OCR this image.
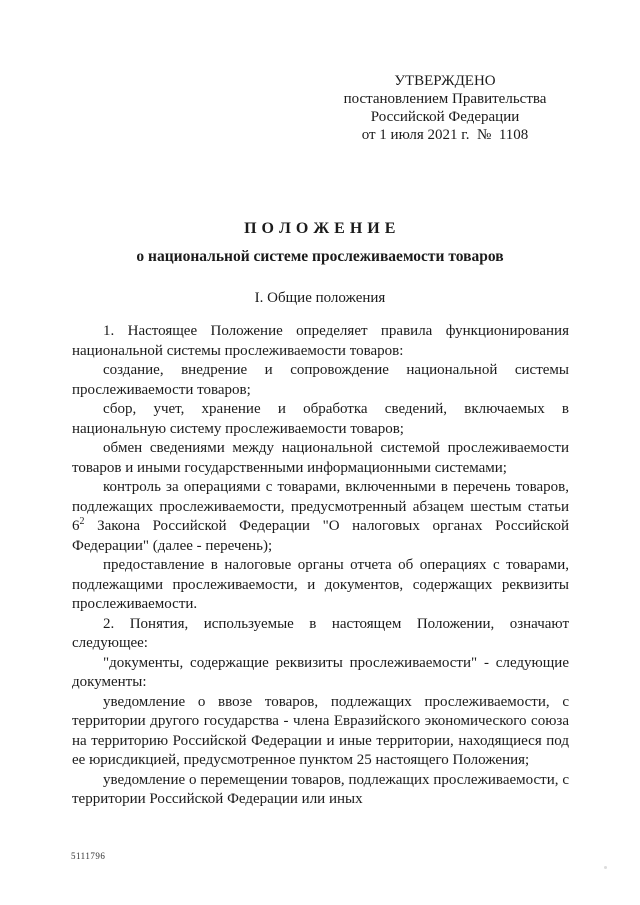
УТВЕРЖДЕНО
постановлением Правительства
Российской Федерации
от 1 июля 2021 г.  №  1108
П О Л О Ж Е Н И Е
о национальной системе прослеживаемости товаров
I. Общие положения

1. Настоящее Положение определяет правила функционирования национальной системы прослеживаемости товаров:

создание, внедрение и сопровождение национальной системы прослеживаемости товаров;

сбор, учет, хранение и обработка сведений, включаемых в национальную систему прослеживаемости товаров;

обмен сведениями между национальной системой прослеживаемости товаров и иными государственными информационными системами;

контроль за операциями с товарами, включенными в перечень товаров, подлежащих прослеживаемости, предусмотренный абзацем шестым статьи $6^2$ Закона Российской Федерации "О налоговых органах Российской Федерации" (далее - перечень);

предоставление в налоговые органы отчета об операциях с товарами, подлежащими прослеживаемости, и документов, содержащих реквизиты прослеживаемости.

2. Понятия, используемые в настоящем Положении, означают следующее:

"документы, содержащие реквизиты прослеживаемости" - следующие документы:

уведомление о ввозе товаров, подлежащих прослеживаемости, с территории другого государства - члена Евразийского экономического союза на территорию Российской Федерации и иные территории, находящиеся под ее юрисдикцией, предусмотренное пунктом 25 настоящего Положения;

уведомление о перемещении товаров, подлежащих прослеживаемости, с территории Российской Федерации или иных

5111796
